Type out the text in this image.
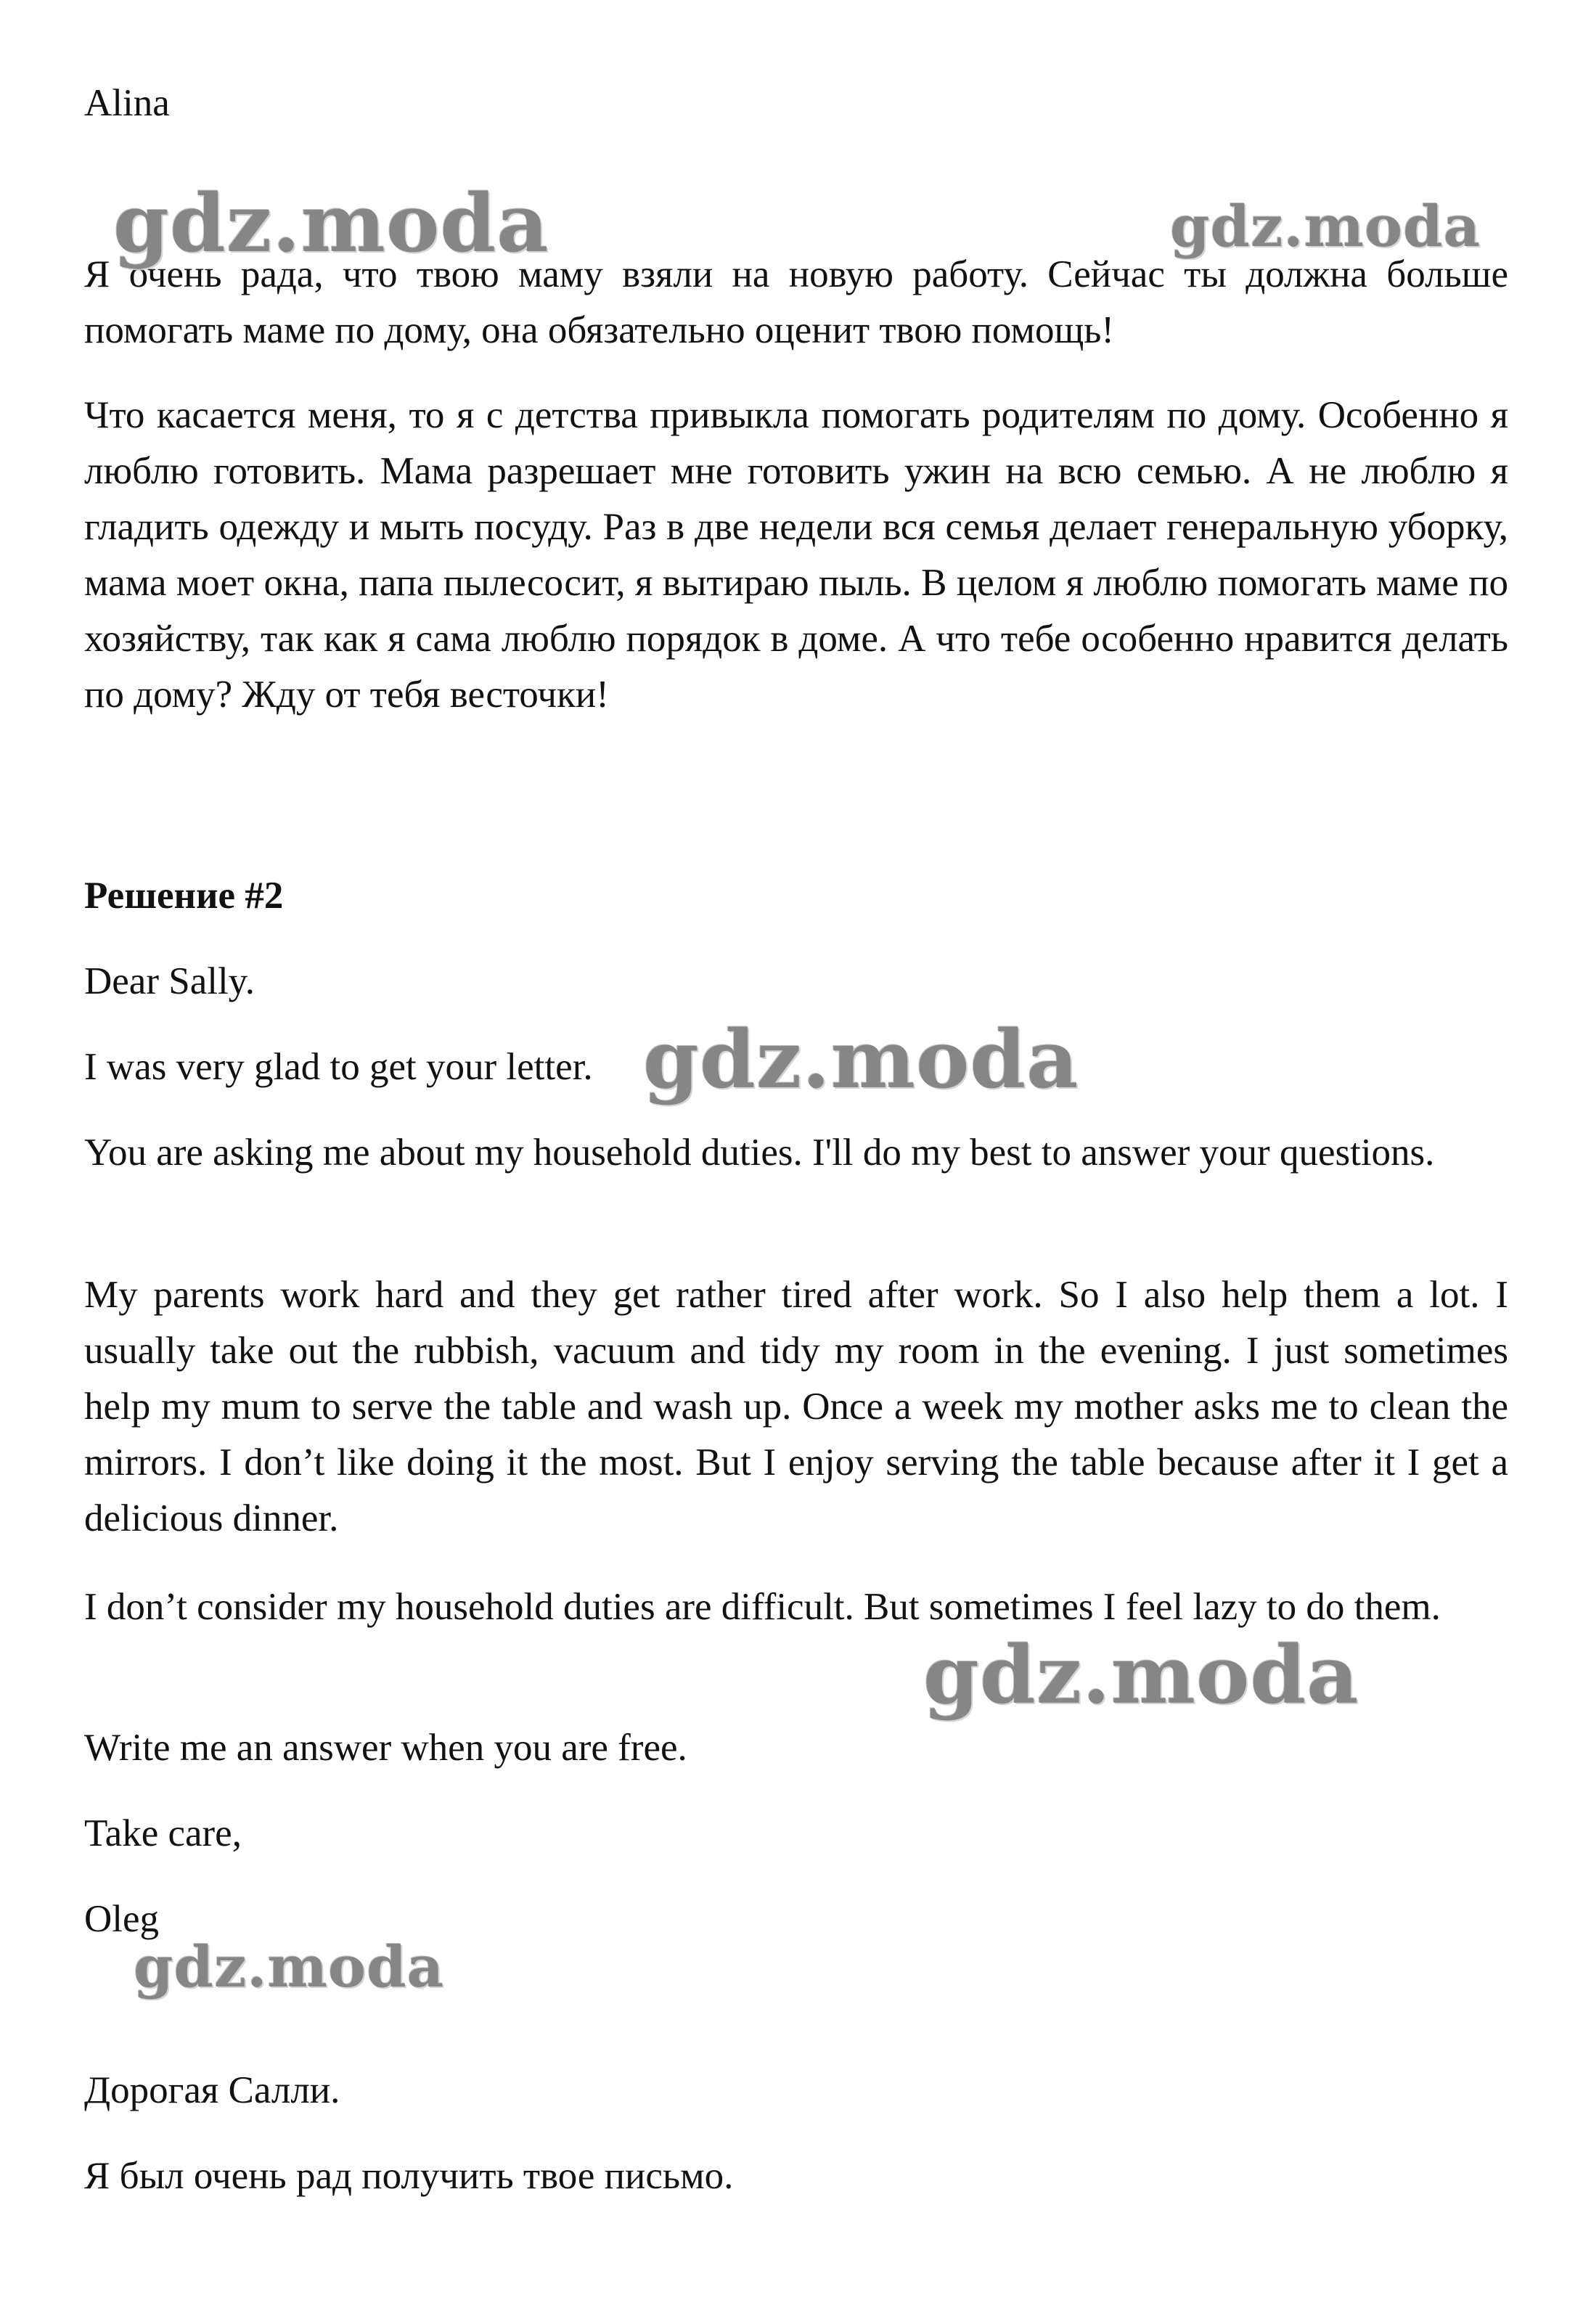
Alina

Я очень рада, что твою маму взяли на новую работу. Сейчас ты должна больше помогать маме по дому, она обязательно оценит твою помощь!

Что касается меня, то я с детства привыкла помогать родителям по дому. Особенно я люблю готовить. Мама разрешает мне готовить ужин на всю семью. А не люблю я гладить одежду и мыть посуду. Раз в две недели вся семья делает генеральную уборку, мама моет окна, папа пылесосит, я вытираю пыль. В целом я люблю помогать маме по хозяйству, так как я сама люблю порядок в доме. А что тебе особенно нравится делать по дому? Жду от тебя весточки!

Решение #2

Dear Sally.

I was very glad to get your letter.

You are asking me about my household duties. I'll do my best to answer your questions.

My parents work hard and they get rather tired after work. So I also help them a lot. I usually take out the rubbish, vacuum and tidy my room in the evening. I just sometimes help my mum to serve the table and wash up. Once a week my mother asks me to clean the mirrors. I don’t like doing it the most. But I enjoy serving the table because after it I get a delicious dinner.

I don’t consider my household duties are difficult. But sometimes I feel lazy to do them.

Write me an answer when you are free.

Take care,

Oleg

Дорогая Салли.

Я был очень рад получить твое письмо.

gdz.moda	gdz.moda
gdz.moda
gdz.moda
gdz.moda
